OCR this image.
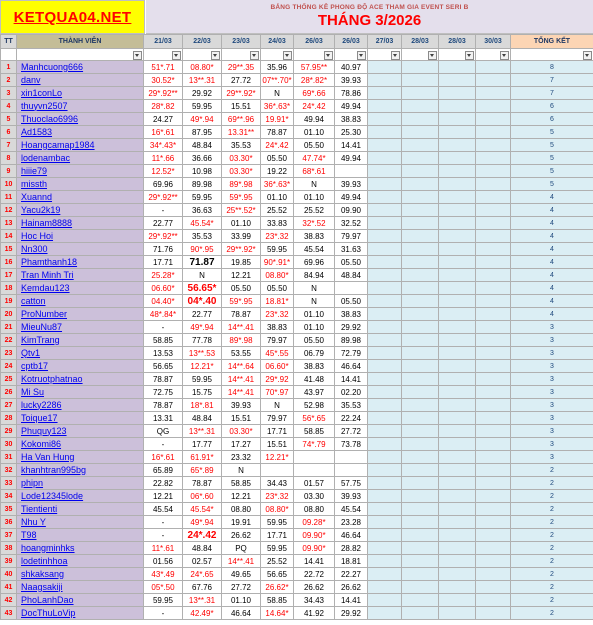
KETQUA04.NET
BẢNG THỐNG KÊ PHONG ĐỘ ACE THAM GIA EVENT SERI B
THÁNG 3/2026
TT	THÀNH VIÊN	21/03	22/03	23/03	24/03	26/03	26/03	27/03	28/03	28/03	30/03	TỔNG KẾT

1	Manhcuong666	51*.71	08.80*	29**.35	35.96	57.95**	40.97					8
2	danv	30.52*	13**.31	27.72	07**.70*	28*.82*	39.93					7
3	xin1conLo	29*.92**	29.92	29**.92*	N	69*.66	78.86					7
4	thuyvn2507	28*.82	59.95	15.51	36*.63*	24*.42	49.94					6
5	Thuoclao6996	24.27	49*.94	69**.96	19.91*	49.94	38.83					6
6	Ad1583	16*.61	87.95	13.31**	78.87	01.10	25.30					5
7	Hoangcamap1984	34*.43*	48.84	35.53	24*.42	05.50	14.41					5
8	lodenambac	11*.66	36.66	03.30*	05.50	47.74*	49.94					5
9	hiiie79	12.52*	10.98	03.30*	19.22	68*.61						5
10	missth	69.96	89.98	89*.98	36*.63*	N	39.93					5
11	Xuannd	29*.92**	59.95	59*.95	01.10	01.10	49.94					4
12	Yacu2k19	-	36.63	25**.52*	25.52	25.52	09.90					4
13	Hainam8888	22.77	45.54*	01.10	33.83	32*.52	32.52					4
14	Hoc Hoi	29*.92**	35.53	33.99	23*.32	38.83	79.97					4
15	Nn300	71.76	90*.95	29**.92*	59.95	45.54	31.63					4
16	Phamthanh18	17.71	71.87	19.85	90*.91*	69.96	05.50					4
17	Tran Minh Tri	25.28*	N	12.21	08.80*	84.94	48.84					4
18	Kemdau123	06.60*	56.65*	05.50	05.50	N						4
19	catton	04.40*	04*.40	59*.95	18.81*	N	05.50					4
20	ProNumber	48*.84*	22.77	78.87	23*.32	01.10	38.83					4
21	MieuNu87	-	49*.94	14**.41	38.83	01.10	29.92					3
22	KimTrang	58.85	77.78	89*.98	79.97	05.50	89.98					3
23	Qtv1	13.53	13**.53	53.55	45*.55	06.79	72.79					3
24	cptb17	56.65	12.21*	14**.64	06.60*	38.83	46.64					3
25	Kotruotphatnao	78.87	59.95	14**.41	29*.92	41.48	14.41					3
26	Mi Su	72.75	15.75	14**.41	70*.97	43.97	02.20					3
27	lucky2286	78.87	18*.81	39.93	N	52.98	35.53					3
28	Toique17	13.31	48.84	15.51	79.97	56*.65	22.24					3
29	Phuquy123	QG	13**.31	03.30*	17.71	58.85	27.72					3
30	Kokomi86	-	17.77	17.27	15.51	74*.79	73.78					3
31	Ha Van Hung	16*.61	61.91*	23.32	12.21*							3
32	khanhtran995bg	65.89	65*.89	N								2
33	phipn	22.82	78.87	58.85	34.43	01.57	57.75					2
34	Lode12345lode	12.21	06*.60	12.21	23*.32	03.30	39.93					2
35	Tientienti	45.54	45.54*	08.80	08.80*	08.80	45.54					2
36	Nhu Y	-	49*.94	19.91	59.95	09.28*	23.28					2
37	T98	-	24*.42	26.62	17.71	09.90*	46.64					2
38	hoangminhks	11*.61	48.84	PQ	59.95	09.90*	28.82					2
39	lodetinhhoa	01.56	02.57	14**.41	25.52	14.41	18.81					2
40	shkaksang	43*.49	24*.65	49.65	56.65	22.72	22.27					2
41	Naagsakiji	05*.50	67.76	27.72	26.62*	26.62	26.62					2
42	PhoLanhDao	59.95	13**.31	01.10	58.85	34.43	14.41					2
43	DocThuLoVip	-	42.49*	46.64	14.64*	41.92	29.92					2
